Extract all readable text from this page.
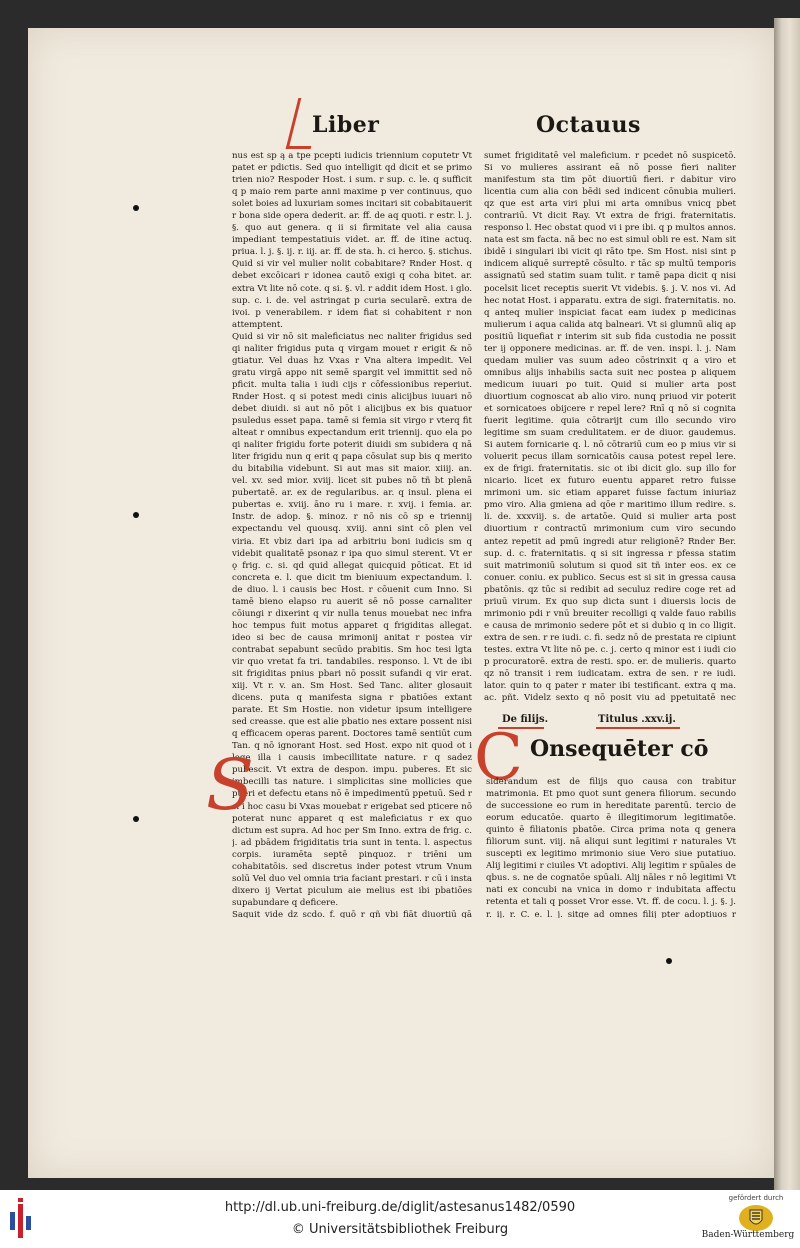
Liber	Octauus

nus est sp ą a tpe pcepti iudicis triennium coputetr Vt patet er pdictis. Sed quo intelligit qd dicit et se primo trien nio? Respoder Host. i sum. r sup. c. le. q sufficit q p maio rem parte anni maxime p ver continuus, quo solet boies ad luxuriam somes incitari sit cobabitauerit r bona side opera dederit. ar. ff. de aq quoti. r estr. l. j. §. quo aut genera. q ii si firmitate vel alia causa impediant tempestatiuis videt. ar. ff. de itine actuq. priua. l. j. §. ij. r. iij. ar. ff. de sta. h. ci herco. §. stichus. Quid si vir vel mulier nolit cobabitare? Rnder Host. q debet excōicari r idonea cautō exigi q coha bitet. ar. extra Vt lite nō cote. q si. §. vl. r addit idem Host. i glo. sup. c. i. de. vel astringat p curia secularē. extra de ivoi. p venerabilem. r idem fiat si cohabitent r non attemptent.

Quid si vir nō sit maleficiatus nec naliter frigidus sed qi naliter frigidus puta q virgam mouet r erigit & nō gtiatur. Vel duas hz Vxas r Vna altera impedit. Vel gratu virgā appo nit semē spargit vel immittit sed nō pficit. multa talia i iudi cijs r cōfessionibus reperiut. Rnder Host. q si potest medi cinis alicijbus iuuari nō debet diuidi. si aut nō pōt i alicijbus ex bis quatuor psuledus esset papa. tamē si femia sit virgo r vterq fit alteat r omnibus expectandum erit triennij. quo ela po qi naliter frigidu forte poterit diuidi sm subidera q nā liter frigidu nun q erit q papa cōsulat sup bis q merito du bitabilia videbunt. Si aut mas sit maior. xiiij. an. vel. xv. sed mior. xviij. licet sit pubes nō tñ bt plenā pubertatē. ar. ex de regularibus. ar. q insul. plena ei pubertas e. xviij. āno ru i mare. r. xvij. i femia. ar. Instr. de adop. §. minoz. r nō nis cō sp e triennij expectandu vel quousq. xviij. anni sint cō plen vel viria. Et vbiz dari ipa ad arbitriu boni iudicis sm q videbit qualitatē psonaz r ipa quo simul sterent. Vt er ǫ frig. c. si. qd quid allegat quicquid pōticat. Et id concreta e. l. que dicit tm bieniuum expectandum. l. de diuo. l. i causis bec Host. r cōuenit cum Inno. Si tamē bieno elapso ru auerit sē nō posse carnaliter cōiungi r dixerint q vir nulla tenus mouebat nec infra hoc tempus fuit motus apparet q frigiditas allegat. ideo si bec de causa mrimonij anitat r postea vir contrabat sepabunt secūdo prabitis. Sm hoc tesi lgta vir quo vretat fa tri. tandabiles. responso. l. Vt de ibi sit frigiditas pnius pbari nō possit sufandi q vir erat. xiij. Vt r. v. an. Sm Host. Sed Tanc. aliter glosauit dicens. puta q manifesta signa r pbatiōes extant parate. Et Sm Hostie. non videtur ipsum intelligere sed creasse. que est alie pbatio nes extare possent nisi q efficacem operas parent. Doctores tamē sentiūt cum Tan. q nō ignorant Host. sed Host. expo nit quod ot i lege illa i causis imbecillitate nature. r q sadez pubescit. Vt extra de despon. impu. puberes. Et sic imbecilli tas nature. i simplicitas sine mollicies que pueri et defectu etans nō ē impedimentū ppetuū. Sed r si i hoc casu bi Vxas mouebat r erigebat sed pticere nō poterat nunc apparet q est maleficiatus r ex quo dictum est supra. Ad hoc per Sm Inno. extra de frig. c. j. ad pbādem frigiditatis tria sunt in tenta. l. aspectus corpis. iuramēta septē pinquoz. r triēni um cohabitatōis. sed discretus inder potest vtrum Vnum solū Vel duo vel omnia tria faciant prestari. r cū i insta dixero ij Vertat piculum aie melius est ibi pbatiōes supabundare q deficere.

Saquit vide dz scdo. f. quō r qñ vbi fiāt diuortiū qā

S

sumet frigiditatē vel maleficium. r pcedet nō suspicetō. Si vo mulieres assirant eā nō posse fieri naliter manifestum sta tim pōt diuortiū fieri. r dabitur viro licentia cum alia con bēdi sed indicent cōnubia mulieri. qz que est arta viri plui mi arta omnibus vnicq pbet contrariū. Vt dicit Ray. Vt extra de frigi. fraternitatis. responso l. Hec obstat quod vi i pre ibi. q p multos annos. nata est sm facta. nā bec no est simul obli re est. Nam sit ibidē i singulari ibi vicit qi rāto tpe. Sm Host. nisi sint p indicem aliquē surreptē cōsulto. r tāc sp multū temporis assignatū sed statim suam tulit. r tamē papa dicit q nisi pocelsit licet receptis suerit Vt videbis. §. j. V. nos vi. Ad hec notat Host. i apparatu. extra de sigi. fraternitatis. no. q anteq mulier inspiciat facat eam iudex p medicinas mulierum i aqua calida atq balneari. Vt si glumnū aliq ap positiū liquefiat r interim sit sub fida custodia ne possit ter ij opponere medicinas. ar. ff. de ven. inspi. l. j. Nam quedam mulier vas suum adeo cōstrinxit q a viro et omnibus alijs inhabilis sacta suit nec postea p aliquem medicum iuuari po tuit. Quid si mulier arta post diuortium cognoscat ab alio viro. nunq priuod vir poterit et sornicatoes obijcere r repel lere? Rnī q nō si cognita fuerit legitime. quia cōtrarijt cum illo secundo viro legitime sm suam credulitatem. er de diuor. gaudemus. Si autem fornicarie q. l. nō cōtrariū cum eo p mius vir si voluerit pecus illam sornicatōis causa potest repel lere. ex de frigi. fraternitatis. sic ot ibi dicit glo. sup illo for nicario. licet ex futuro euentu apparet retro fuisse mrimoni um. sic etiam apparet fuisse factum iniuriaz pmo viro. Alia gmiena ad qōe r maritimo illum redire. s. li. de. xxxviij. s. de artatōe. Quid si mulier arta post diuortium r contractū mrimonium cum viro secundo antez repetit ad pmū ingredi atur religionē? Rnder Ber. sup. d. c. fraternitatis. q si sit ingressa r pfessa statim suit matrimoniū solutum si quod sit tñ inter eos. ex ce conuer. coniu. ex publico. Secus est si sit in gressa causa pbatōnis. qz tūc si redibit ad seculuz redire coge ret ad priuū virum. Ex quo sup dicta sunt i diuersis locis de mrimonio pdi r vnū breuiter recolligi q valde fauo rabilis e causa de mrimonio sedere pōt et si dubio q in co lligit. extra de sen. r re iudi. c. fi. sedz nō de prestata re cipiunt testes. extra Vt lite nō pe. c. j. certo q minor est i iudi cio p procuratorē. extra de resti. spo. er. de mulieris. quarto qz nō transit i rem iudicatam. extra de sen. r re iudi. lator. quin to q pater r mater ibi testificant. extra q ma. ac. pñt. Videlz sexto q nō posit viu ad ppetuitatē nec

De filijs.	Titulus .xxv.ij.
C Onsequēter cō

siderandum est de filijs quo causa con trabitur matrimonia. Et pmo quot sunt genera filiorum. secundo de successione eo rum in hereditate parentū. tercio de eorum educatōe. quarto ē illegitimorum legitimatōe. quinto ē filiatonis pbatōe. Circa prima nota q genera filiorum sunt. viij. nā aliqui sunt legitimi r naturales Vt suscepti ex legitimo mrimonio siue Vero siue putatiuo. Alij legitimi r ciuiles Vt adoptivi. Alij legitim r spūales de qbus. s. ne de cognatōe spūali. Alij nāles r nō legitimi Vt nati ex concubi na vnica in domo r indubitata affectu retenta et tali q posset Vror esse. Vt. ff. de cocu. l. j. §. j. r. ij. r. C. e. l. j. sitge ad omnes filij pter adoptiuos r

http://dl.ub.uni-freiburg.de/diglit/astesanus1482/0590
© Universitätsbibliothek Freiburg
gefördert durch
Baden-Württemberg
